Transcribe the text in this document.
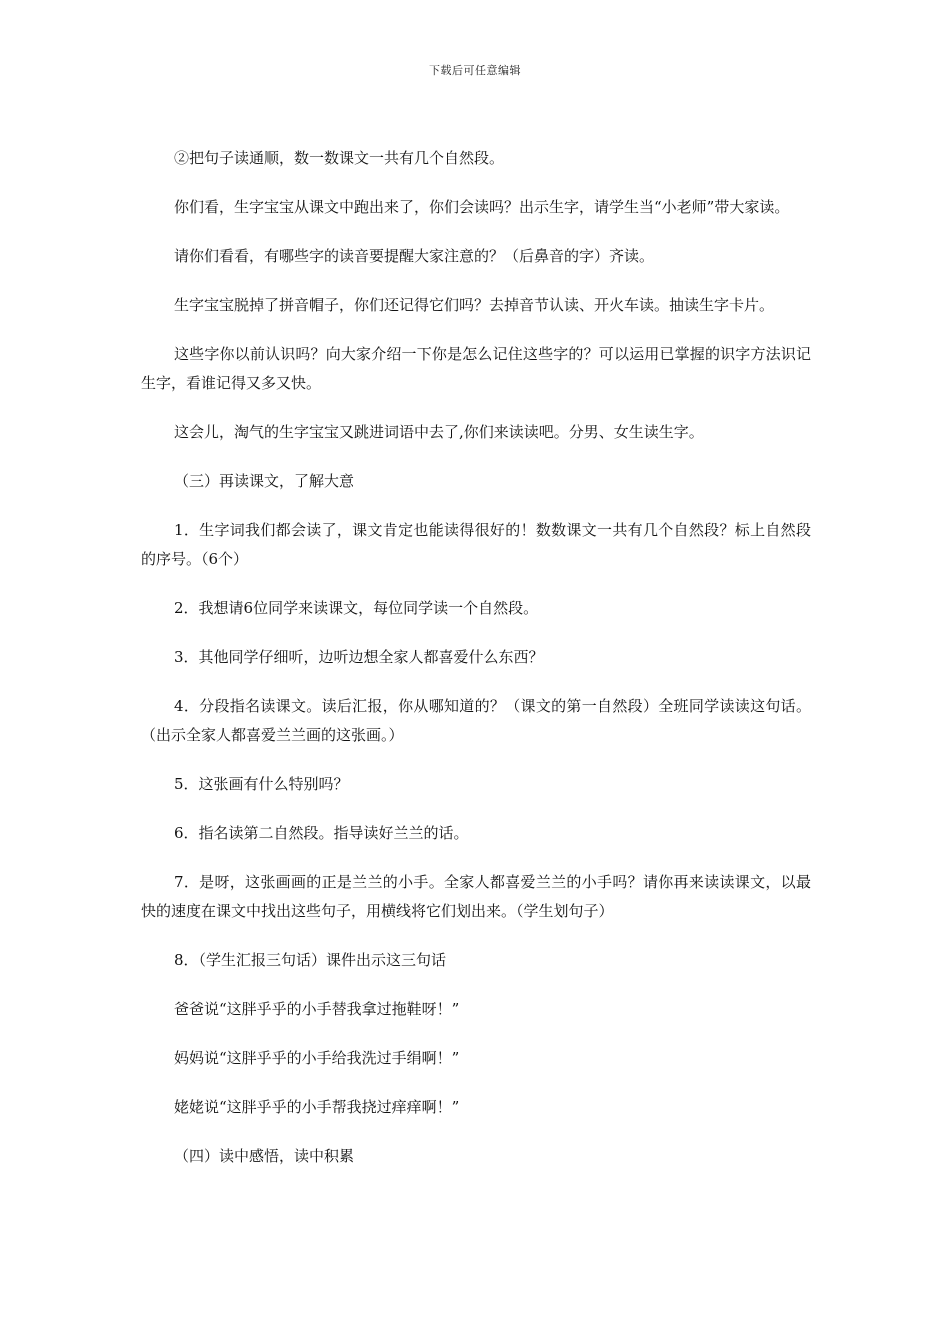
下载后可任意编辑

②把句子读通顺，数一数课文一共有几个自然段。

你们看，生字宝宝从课文中跑出来了，你们会读吗？出示生字，请学生当“小老师”带大家读。

请你们看看，有哪些字的读音要提醒大家注意的？（后鼻音的字）齐读。

生字宝宝脱掉了拼音帽子，你们还记得它们吗？去掉音节认读、开火车读。抽读生字卡片。

这些字你以前认识吗？向大家介绍一下你是怎么记住这些字的？可以运用已掌握的识字方法识记生字，看谁记得又多又快。

这会儿，淘气的生字宝宝又跳进词语中去了,你们来读读吧。分男、女生读生字。

（三）再读课文，了解大意

1．生字词我们都会读了，课文肯定也能读得很好的！数数课文一共有几个自然段？标上自然段的序号。（6个）

2．我想请6位同学来读课文，每位同学读一个自然段。

3．其他同学仔细听，边听边想全家人都喜爱什么东西？

4．分段指名读课文。读后汇报，你从哪知道的？（课文的第一自然段）全班同学读读这句话。（出示全家人都喜爱兰兰画的这张画。）

5．这张画有什么特别吗？

6．指名读第二自然段。指导读好兰兰的话。

7．是呀，这张画画的正是兰兰的小手。全家人都喜爱兰兰的小手吗？请你再来读读课文，以最快的速度在课文中找出这些句子，用横线将它们划出来。（学生划句子）

8．（学生汇报三句话）课件出示这三句话

爸爸说“这胖乎乎的小手替我拿过拖鞋呀！”

妈妈说“这胖乎乎的小手给我洗过手绢啊！”

姥姥说“这胖乎乎的小手帮我挠过痒痒啊！”

（四）读中感悟，读中积累
